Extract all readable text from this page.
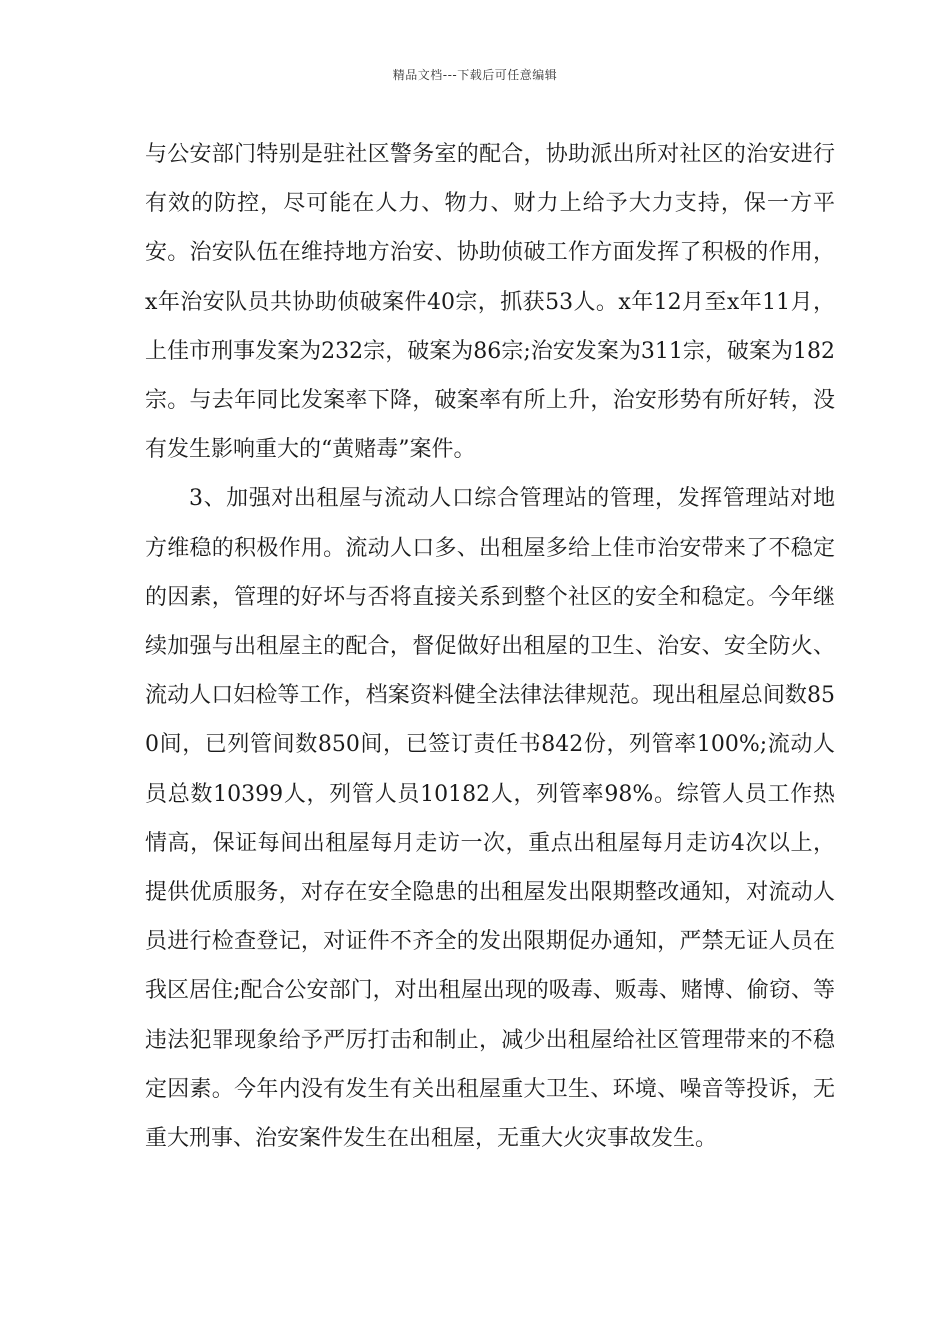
精品文档---下载后可任意编辑

与公安部门特别是驻社区警务室的配合，协助派出所对社区的治安进行有效的防控，尽可能在人力、物力、财力上给予大力支持，保一方平安。治安队伍在维持地方治安、协助侦破工作方面发挥了积极的作用，x年治安队员共协助侦破案件40宗，抓获53人。x年12月至x年11月，上佳市刑事发案为232宗，破案为86宗;治安发案为311宗，破案为182宗。与去年同比发案率下降，破案率有所上升，治安形势有所好转，没有发生影响重大的“黄赌毒”案件。

3、加强对出租屋与流动人口综合管理站的管理，发挥管理站对地方维稳的积极作用。流动人口多、出租屋多给上佳市治安带来了不稳定的因素，管理的好坏与否将直接关系到整个社区的安全和稳定。今年继续加强与出租屋主的配合，督促做好出租屋的卫生、治安、安全防火、流动人口妇检等工作，档案资料健全法律法律规范。现出租屋总间数850间，已列管间数850间，已签订责任书842份，列管率100%;流动人员总数10399人，列管人员10182人，列管率98%。综管人员工作热情高，保证每间出租屋每月走访一次，重点出租屋每月走访4次以上，提供优质服务，对存在安全隐患的出租屋发出限期整改通知，对流动人员进行检查登记，对证件不齐全的发出限期促办通知，严禁无证人员在我区居住;配合公安部门，对出租屋出现的吸毒、贩毒、赌博、偷窃、等违法犯罪现象给予严厉打击和制止，减少出租屋给社区管理带来的不稳定因素。今年内没有发生有关出租屋重大卫生、环境、噪音等投诉，无重大刑事、治安案件发生在出租屋，无重大火灾事故发生。
